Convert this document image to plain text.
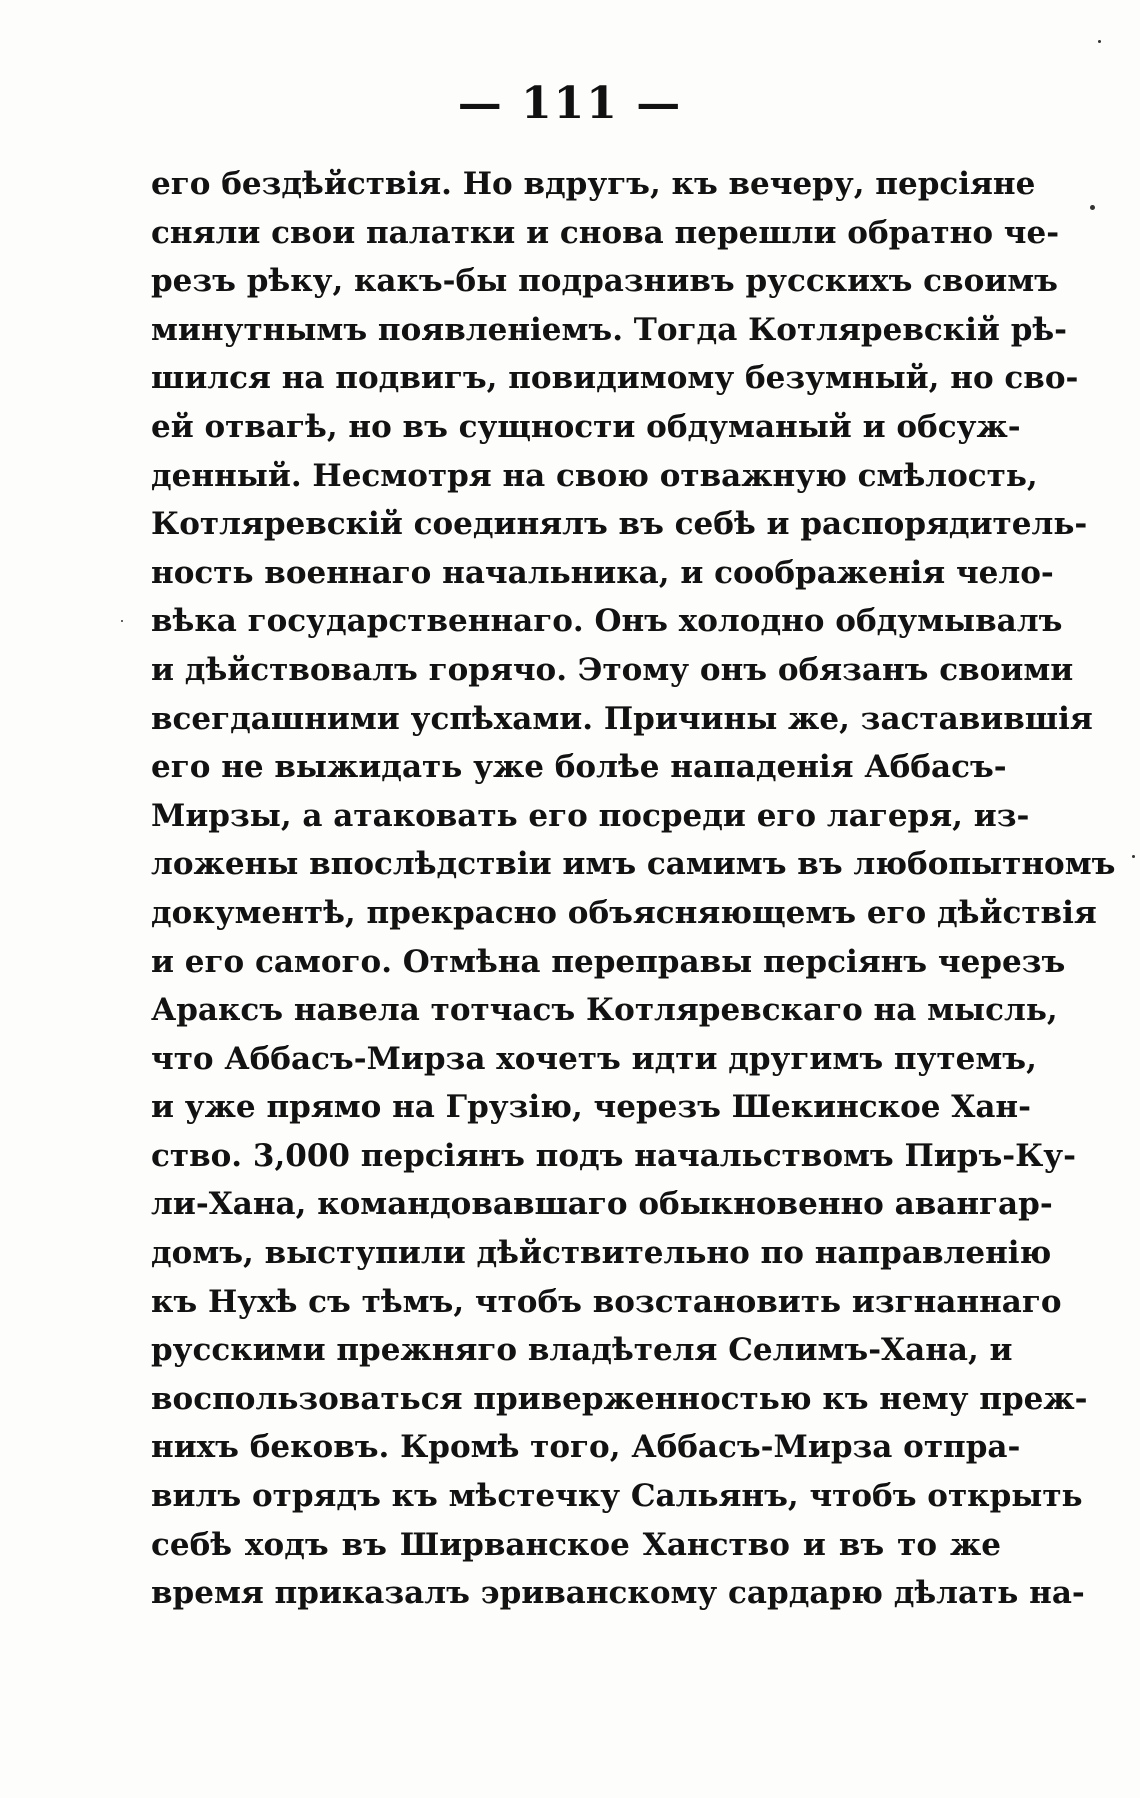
— 111 —
его бездѣйствія. Но вдругъ, къ вечеру, персіяне
сняли свои палатки и снова перешли обратно че-
резъ рѣку, какъ-бы подразнивъ русскихъ своимъ
минутнымъ появленіемъ. Тогда Котляревскій рѣ-
шился на подвигъ, повидимому безумный, но сво-
ей отвагѣ, но въ сущности обдуманый и обсуж-
денный. Несмотря на свою отважную смѣлость,
Котляревскій соединялъ въ себѣ и распорядитель-
ность военнаго начальника, и соображенія чело-
вѣка государственнаго. Онъ холодно обдумывалъ
и дѣйствовалъ горячо. Этому онъ обязанъ своими
всегдашними успѣхами. Причины же, заставившія
его не выжидать уже болѣе нападенія Аббасъ-
Мирзы, а атаковать его посреди его лагеря, из-
ложены впослѣдствіи имъ самимъ въ любопытномъ
документѣ, прекрасно объясняющемъ его дѣйствія
и его самого. Отмѣна переправы персіянъ черезъ
Араксъ навела тотчасъ Котляревскаго на мысль,
что Аббасъ-Мирза хочетъ идти другимъ путемъ,
и уже прямо на Грузію, черезъ Шекинское Хан-
ство. 3,000 персіянъ подъ начальствомъ Пиръ-Ку-
ли-Хана, командовавшаго обыкновенно авангар-
домъ, выступили дѣйствительно по направленію
къ Нухѣ съ тѣмъ, чтобъ возстановить изгнаннаго
русскими прежняго владѣтеля Селимъ-Хана, и
воспользоваться приверженностью къ нему преж-
нихъ бековъ. Кромѣ того, Аббасъ-Мирза отпра-
вилъ отрядъ къ мѣстечку Сальянъ, чтобъ открыть
себѣ ходъ въ Ширванское Ханство и въ то же
время приказалъ эриванскому сардарю дѣлать на-
